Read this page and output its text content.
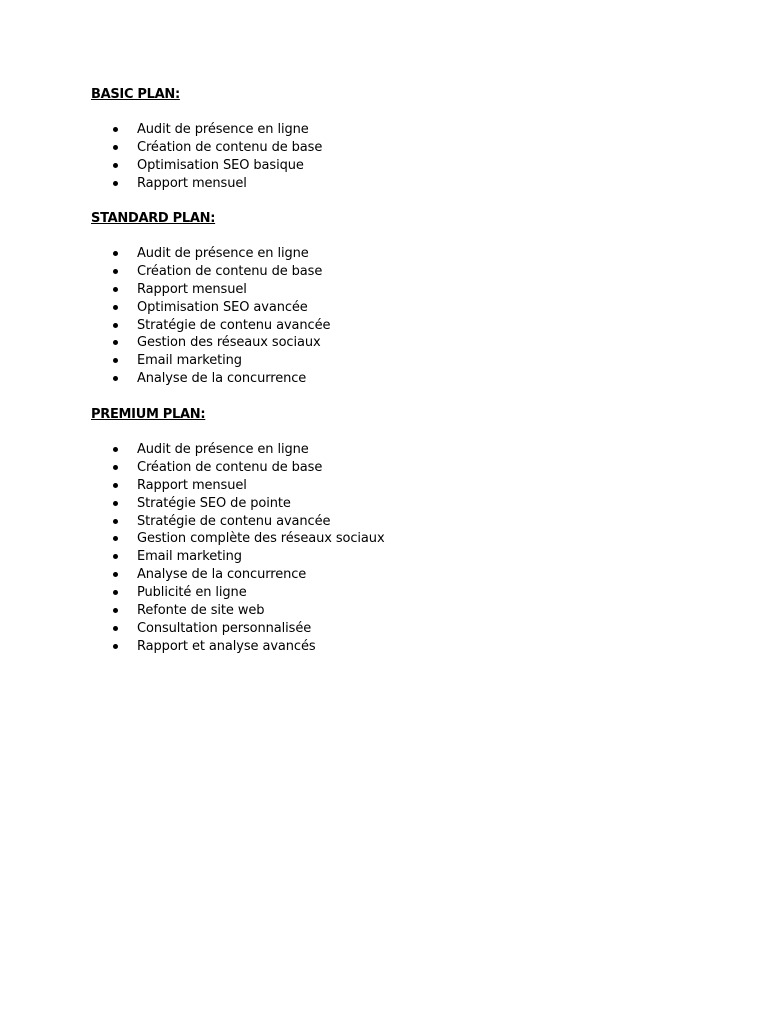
BASIC PLAN:

Audit de présence en ligne
Création de contenu de base
Optimisation SEO basique
Rapport mensuel

STANDARD PLAN:

Audit de présence en ligne
Création de contenu de base
Rapport mensuel
Optimisation SEO avancée
Stratégie de contenu avancée
Gestion des réseaux sociaux
Email marketing
Analyse de la concurrence

PREMIUM PLAN:

Audit de présence en ligne
Création de contenu de base
Rapport mensuel
Stratégie SEO de pointe
Stratégie de contenu avancée
Gestion complète des réseaux sociaux
Email marketing
Analyse de la concurrence
Publicité en ligne
Refonte de site web
Consultation personnalisée
Rapport et analyse avancés
